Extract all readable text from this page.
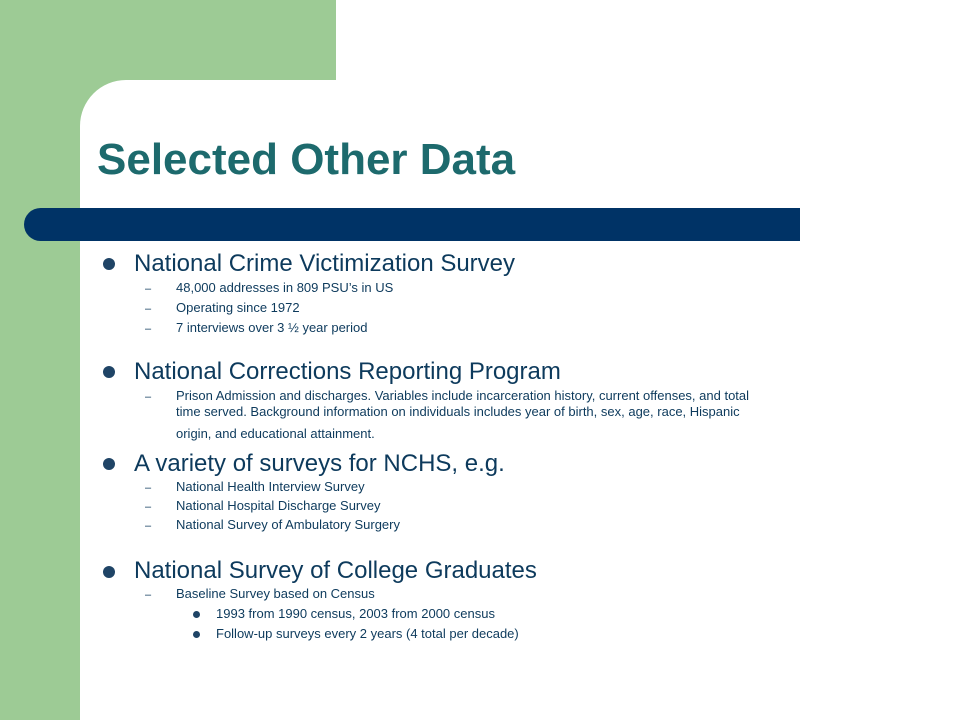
Selected Other Data
National Crime Victimization Survey
– 48,000 addresses in 809 PSU’s in US
– Operating since 1972
– 7 interviews over 3 ½ year period
National Corrections Reporting Program
– Prison Admission and discharges. Variables include incarceration history, current offenses, and total
time served. Background information on individuals includes year of birth, sex, age, race, Hispanic
origin, and educational attainment.
A variety of surveys for NCHS, e.g.
– National Health Interview Survey
– National Hospital Discharge Survey
– National Survey of Ambulatory Surgery
National Survey of College Graduates
– Baseline Survey based on Census
1993 from 1990 census, 2003 from 2000 census
Follow-up surveys every 2 years (4 total per decade)
